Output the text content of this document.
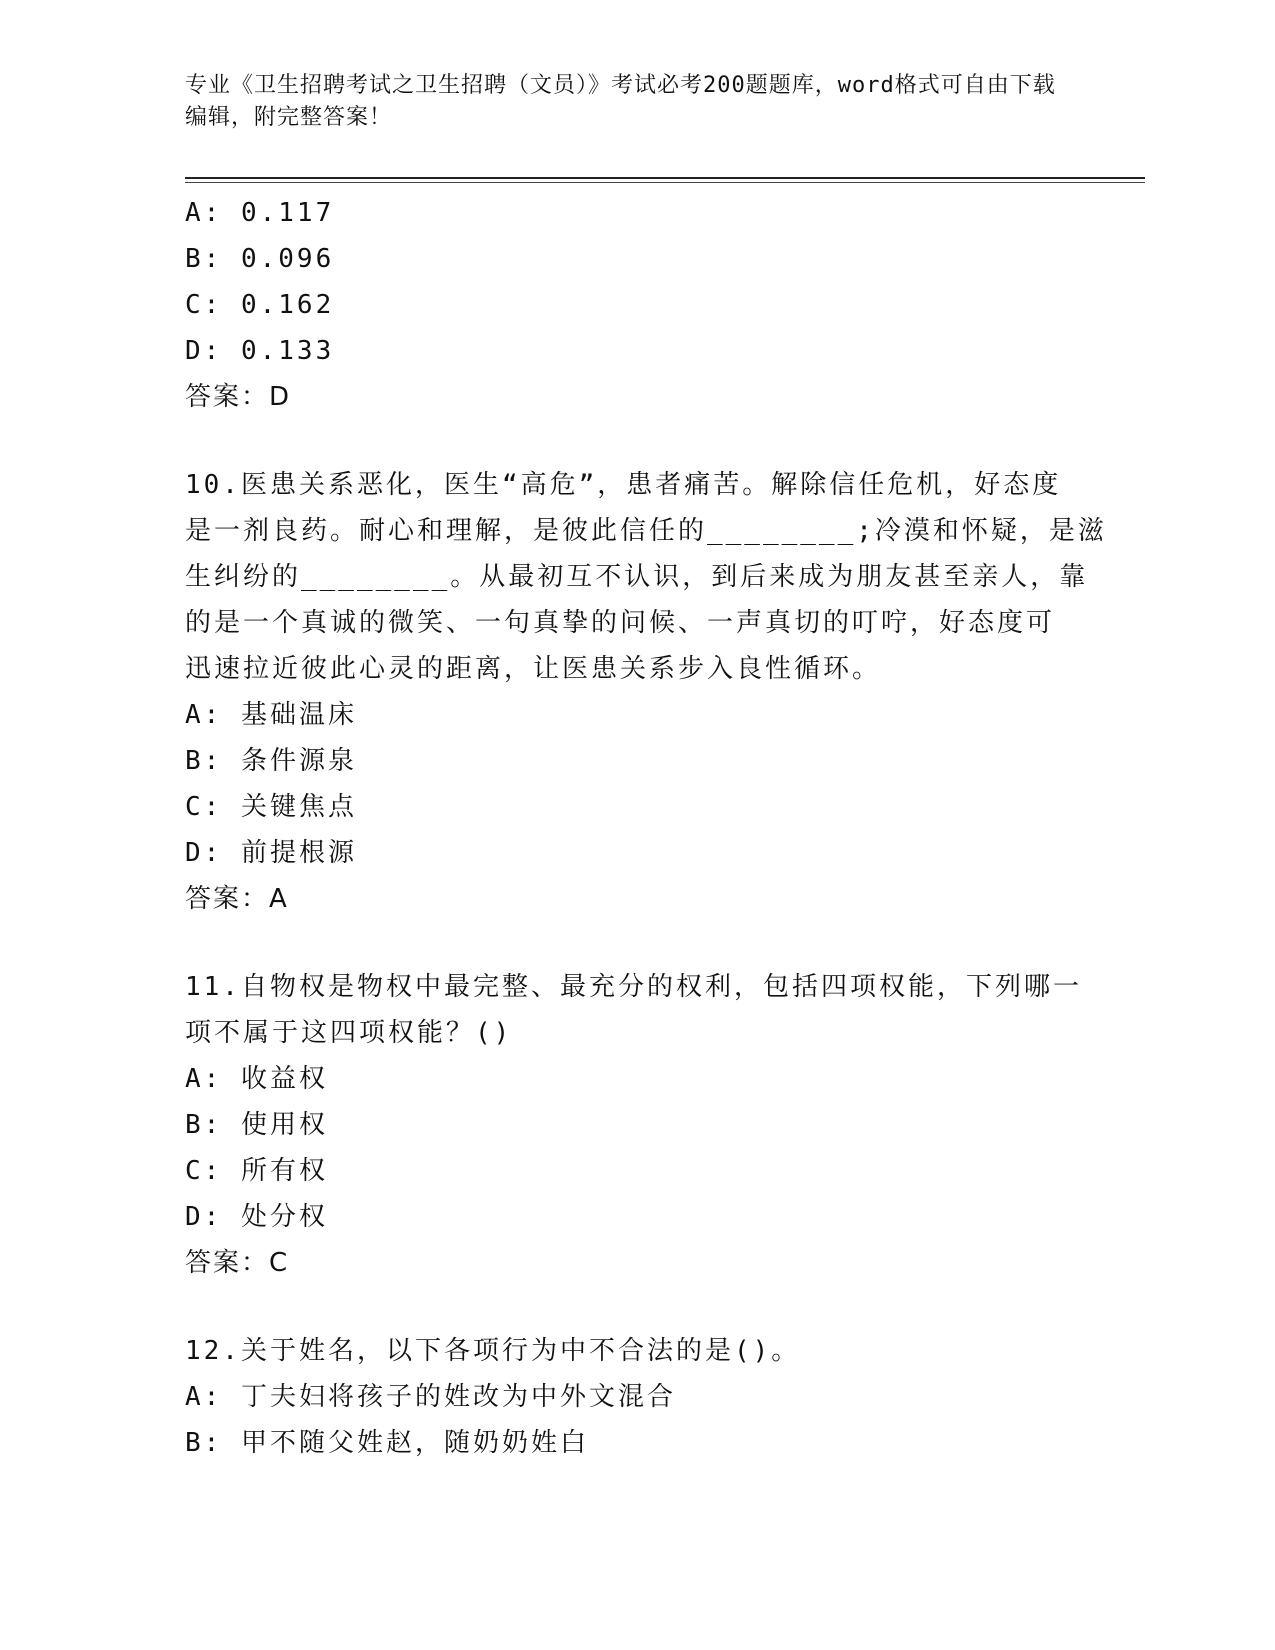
专业《卫生招聘考试之卫生招聘（文员）》考试必考200题题库，word格式可自由下载编辑，附完整答案！
A: 0.117
B: 0.096
C: 0.162
D: 0.133
答案：D
10.医患关系恶化，医生“高危”，患者痛苦。解除信任危机，好态度
是一剂良药。耐心和理解，是彼此信任的________;冷漠和怀疑，是滋
生纠纷的________。从最初互不认识，到后来成为朋友甚至亲人，靠
的是一个真诚的微笑、一句真挚的问候、一声真切的叮咛，好态度可
迅速拉近彼此心灵的距离，让医患关系步入良性循环。
A: 基础温床
B: 条件源泉
C: 关键焦点
D: 前提根源
答案：A
11.自物权是物权中最完整、最充分的权利，包括四项权能，下列哪一
项不属于这四项权能？()
A: 收益权
B: 使用权
C: 所有权
D: 处分权
答案：C
12.关于姓名，以下各项行为中不合法的是()。
A: 丁夫妇将孩子的姓改为中外文混合
B: 甲不随父姓赵，随奶奶姓白
